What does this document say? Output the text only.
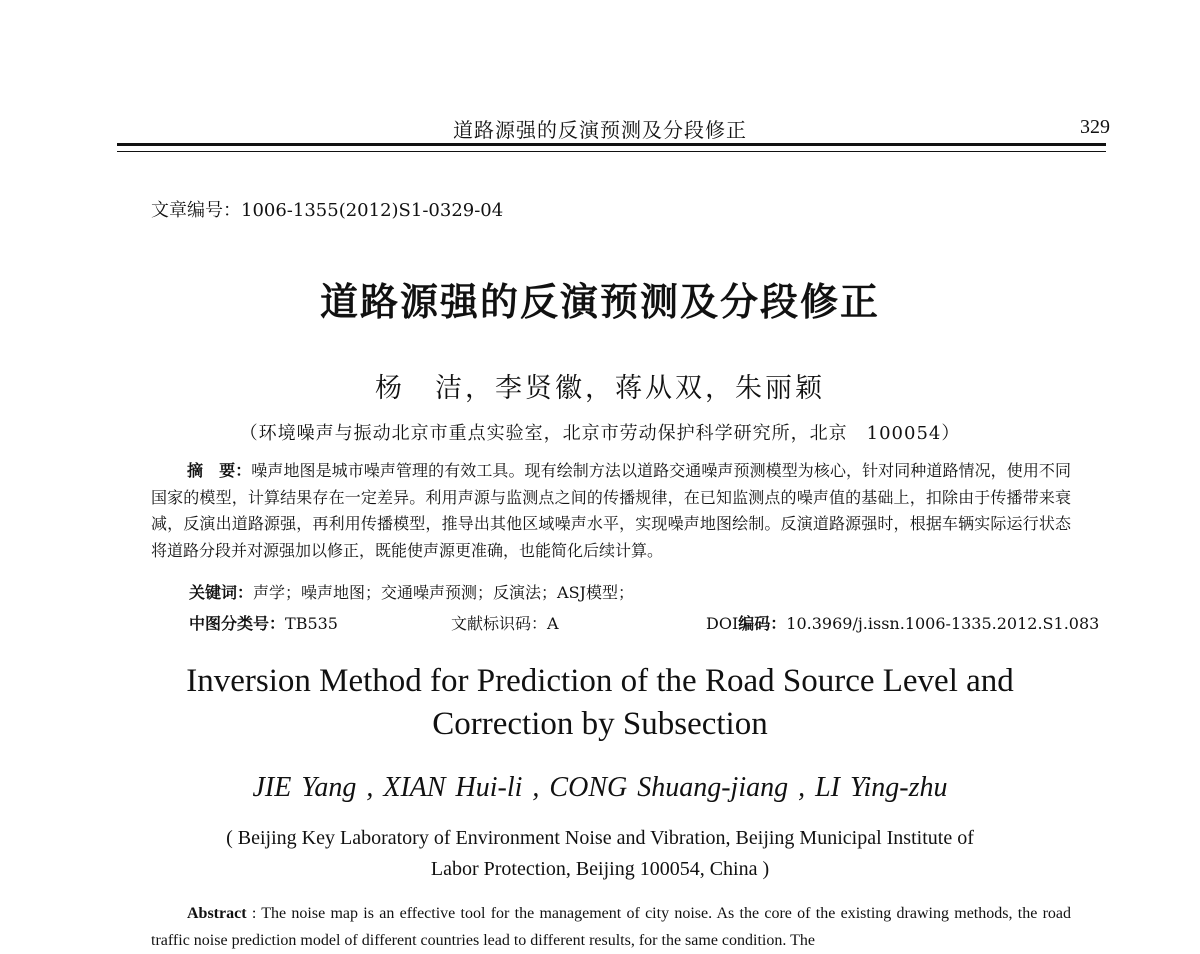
道路源强的反演预测及分段修正	329
文章编号：1006-1355(2012)S1-0329-04
道路源强的反演预测及分段修正
杨　洁，李贤徽，蒋从双，朱丽颖
（环境噪声与振动北京市重点实验室，北京市劳动保护科学研究所，北京　100054）
摘　要：噪声地图是城市噪声管理的有效工具。现有绘制方法以道路交通噪声预测模型为核心，针对同种道路情况，使用不同国家的模型，计算结果存在一定差异。利用声源与监测点之间的传播规律，在已知监测点的噪声值的基础上，扣除由于传播带来衰减，反演出道路源强，再利用传播模型，推导出其他区域噪声水平，实现噪声地图绘制。反演道路源强时，根据车辆实际运行状态将道路分段并对源强加以修正，既能使声源更准确，也能简化后续计算。
关键词：声学；噪声地图；交通噪声预测；反演法；ASJ模型；
中图分类号：TB535	文献标识码：A	DOI编码：10.3969/j.issn.1006-1335.2012.S1.083
Inversion Method for Prediction of the Road Source Level and
Correction by Subsection
JIE Yang , XIAN Hui-li , CONG Shuang-jiang , LI Ying-zhu
( Beijing Key Laboratory of Environment Noise and Vibration, Beijing Municipal Institute of
Labor Protection, Beijing 100054, China )
Abstract : The noise map is an effective tool for the management of city noise. As the core of the existing drawing methods, the road traffic noise prediction model of different countries lead to different results, for the same condition. The
